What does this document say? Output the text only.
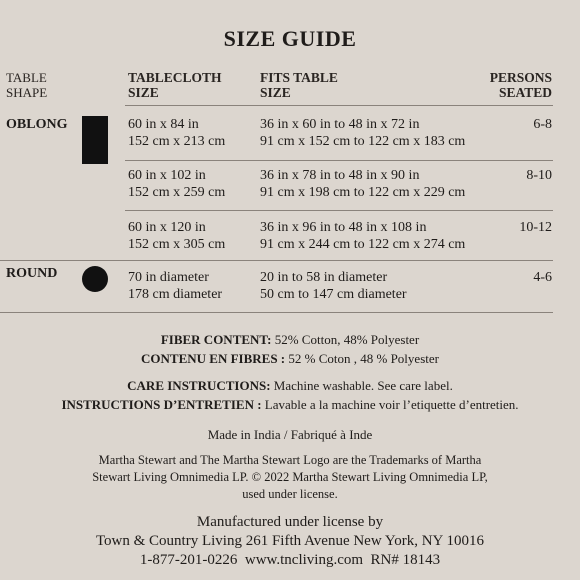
SIZE GUIDE
TABLE
SHAPE
TABLECLOTH
SIZE
FITS TABLE
SIZE
PERSONS
SEATED
OBLONG
ROUND
60 in x 84 in
152 cm x 213 cm
36 in x 60 in to 48 in x 72 in
91 cm x 152 cm to 122 cm x 183 cm
6-8
60 in x 102 in
152 cm x 259 cm
36 in x 78 in to 48 in x 90 in
91 cm x 198 cm to 122 cm x 229 cm
8-10
60 in x 120 in
152 cm x 305 cm
36 in x 96 in to 48 in x 108 in
91 cm x 244 cm to 122 cm x 274 cm
10-12
70 in diameter
178 cm diameter
20 in to 58 in diameter
50 cm to 147 cm diameter
4-6
FIBER CONTENT: 52% Cotton, 48% Polyester
CONTENU EN FIBRES : 52 % Coton , 48 % Polyester
CARE INSTRUCTIONS: Machine washable. See care label.
INSTRUCTIONS D’ENTRETIEN : Lavable a la machine voir l’etiquette d’entretien.
Made in India / Fabriqué à Inde
Martha Stewart and The Martha Stewart Logo are the Trademarks of Martha
Stewart Living Omnimedia LP. © 2022 Martha Stewart Living Omnimedia LP,
used under license.
Manufactured under license by
Town & Country Living 261 Fifth Avenue New York, NY 10016
1-877-201-0226  www.tncliving.com  RN# 18143
